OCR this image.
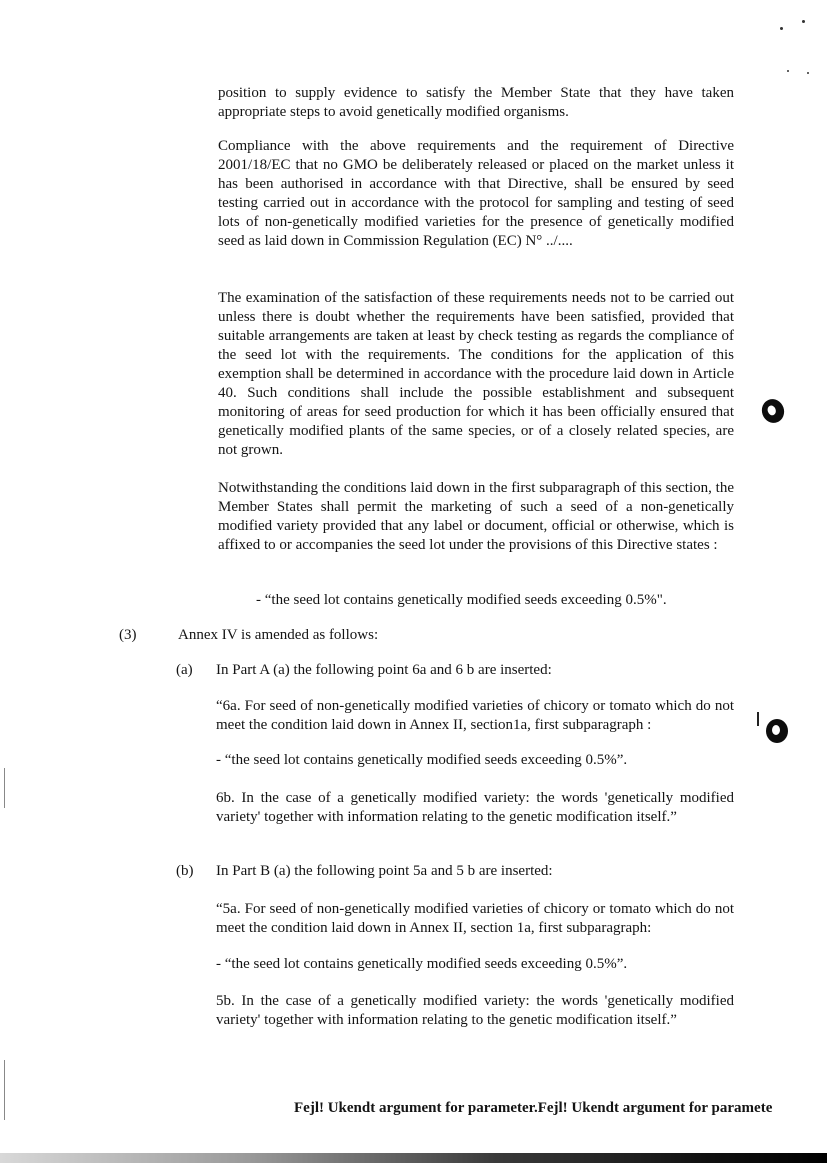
position to supply evidence to satisfy the Member State that they have taken appropriate steps to avoid genetically modified organisms.

Compliance with the above requirements and the requirement of Directive 2001/18/EC that no GMO be deliberately released or placed on the market unless it has been authorised in accordance with that Directive, shall be ensured by seed testing carried out in accordance with the protocol for sampling and testing of seed lots of non-genetically modified varieties for the presence of genetically modified seed as laid down in Commission Regulation (EC) N° ../....

The examination of the satisfaction of these requirements needs not to be carried out unless there is doubt whether the requirements have been satisfied, provided that suitable arrangements are taken at least by check testing as regards the compliance of the seed lot with the requirements. The conditions for the application of this exemption shall be determined in accordance with the procedure laid down in Article 40. Such conditions shall include the possible establishment and subsequent monitoring of areas for seed production for which it has been officially ensured that genetically modified plants of the same species, or of a closely related species, are not grown.

Notwithstanding the conditions laid down in the first subparagraph of this section, the Member States shall permit the marketing of such a seed of a non-genetically modified variety provided that any label or document, official or otherwise, which is affixed to or accompanies the seed lot under the provisions of this Directive states :

- “the seed lot contains genetically modified seeds exceeding 0.5%".

(3)	Annex IV is amended as follows:
(a) In Part A (a) the following point 6a and 6 b are inserted:

“6a. For seed of non-genetically modified varieties of chicory or tomato which do not meet the condition laid down in Annex II, section1a, first subparagraph :

- “the seed lot contains genetically modified seeds exceeding 0.5%”.

6b. In the case of a genetically modified variety: the words 'genetically modified variety' together with information relating to the genetic modification itself.”

(b) In Part B (a) the following point 5a and 5 b are inserted:

“5a. For seed of non-genetically modified varieties of chicory or tomato which do not meet the condition laid down in Annex II, section 1a, first subparagraph:

- “the seed lot contains genetically modified seeds exceeding 0.5%”.

5b. In the case of a genetically modified variety: the words 'genetically modified variety' together with information relating to the genetic modification itself.”

Fejl! Ukendt argument for parameter.Fejl! Ukendt argument for paramete
